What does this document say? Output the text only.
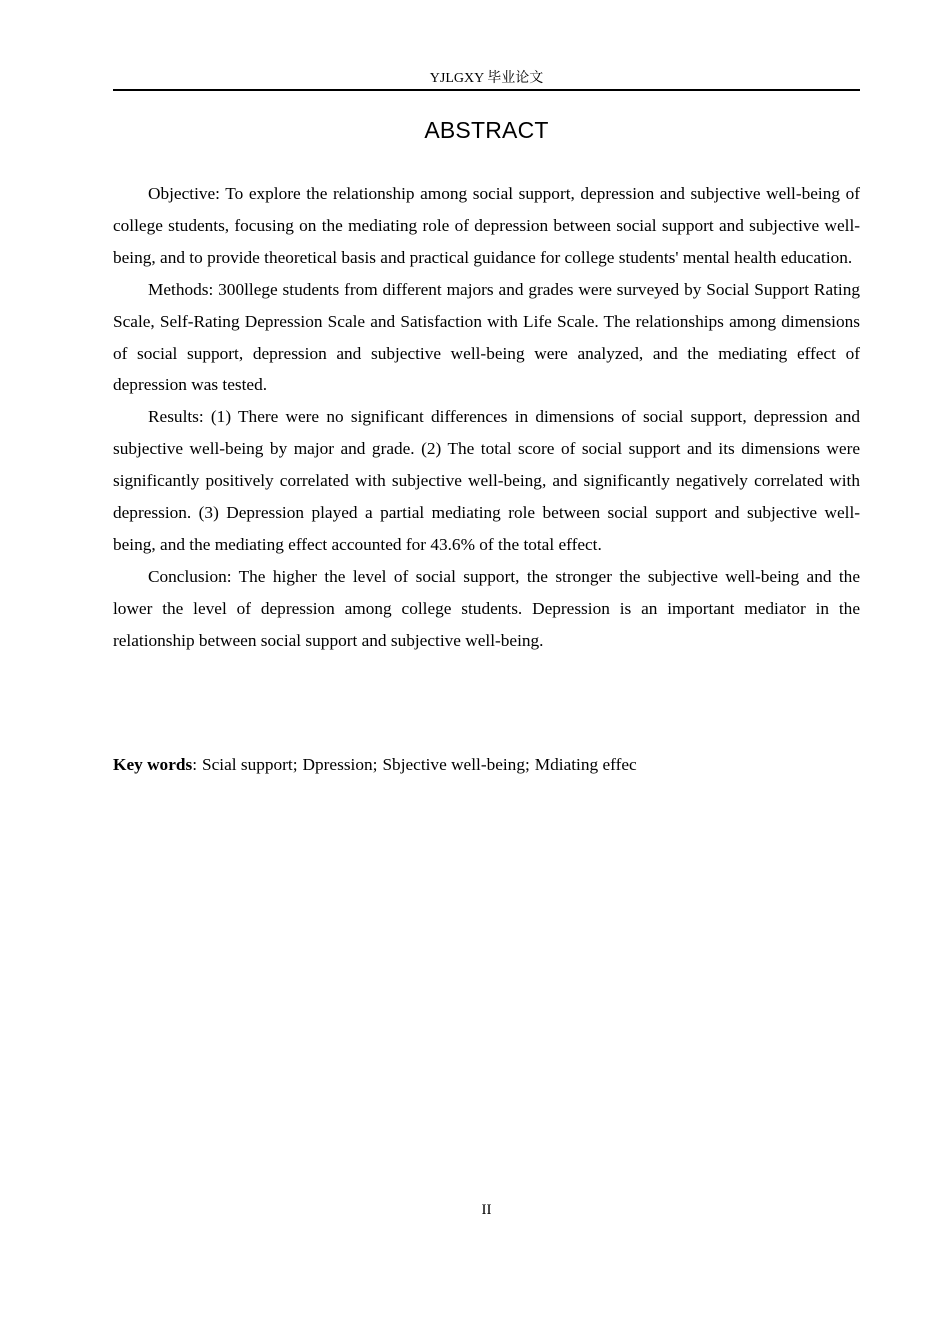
YJLGXY 毕业论文
ABSTRACT

Objective: To explore the relationship among social support, depression and subjective well-being of college students, focusing on the mediating role of depression between social support and subjective well-being, and to provide theoretical basis and practical guidance for college students' mental health education.

Methods: 300llege students from different majors and grades were surveyed by Social Support Rating Scale, Self-Rating Depression Scale and Satisfaction with Life Scale. The relationships among dimensions of social support, depression and subjective well-being were analyzed, and the mediating effect of depression was tested.

Results: (1) There were no significant differences in dimensions of social support, depression and subjective well-being by major and grade. (2) The total score of social support and its dimensions were significantly positively correlated with subjective well-being, and significantly negatively correlated with depression. (3) Depression played a partial mediating role between social support and subjective well-being, and the mediating effect accounted for 43.6% of the total effect.

Conclusion: The higher the level of social support, the stronger the subjective well-being and the lower the level of depression among college students. Depression is an important mediator in the relationship between social support and subjective well-being.

Key words: Scial support; Dpression; Sbjective well-being; Mdiating effec
II
